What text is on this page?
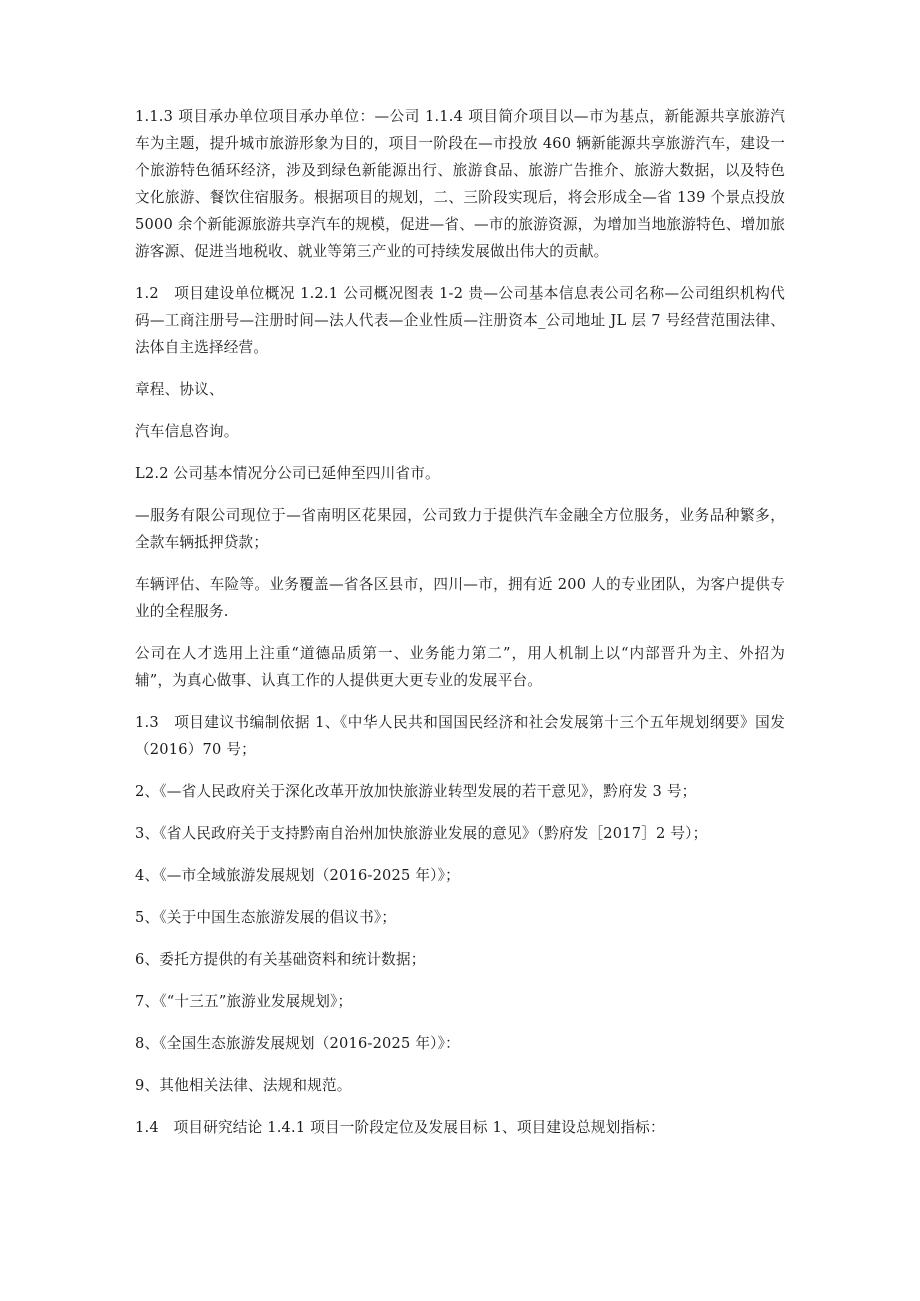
1.1.3 项目承办单位项目承办单位：—公司 1.1.4 项目简介项目以—市为基点，新能源共享旅游汽车为主题，提升城市旅游形象为目的，项目一阶段在—市投放 460 辆新能源共享旅游汽车，建设一个旅游特色循环经济，涉及到绿色新能源出行、旅游食品、旅游广告推介、旅游大数据，以及特色文化旅游、餐饮住宿服务。根据项目的规划，二、三阶段实现后，将会形成全—省 139 个景点投放 5000 余个新能源旅游共享汽车的规模，促进—省、—市的旅游资源，为增加当地旅游特色、增加旅游客源、促进当地税收、就业等第三产业的可持续发展做出伟大的贡献。

1.2　项目建设单位概况 1.2.1 公司概况图表 1-2 贵—公司基本信息表公司名称—公司组织机构代码—工商注册号—注册时间—法人代表—企业性质—注册资本_公司地址 JL 层 7 号经营范围法律、法体自主选择经营。

章程、协议、

汽车信息咨询。

L2.2 公司基本情况分公司已延伸至四川省市。

—服务有限公司现位于—省南明区花果园，公司致力于提供汽车金融全方位服务，业务品种繁多，全款车辆抵押贷款；

车辆评估、车险等。业务覆盖—省各区县市，四川—市，拥有近 200 人的专业团队，为客户提供专业的全程服务.

公司在人才选用上注重“道德品质第一、业务能力第二”，用人机制上以“内部晋升为主、外招为辅”，为真心做事、认真工作的人提供更大更专业的发展平台。

1.3　项目建议书编制依据 1、《中华人民共和国国民经济和社会发展第十三个五年规划纲要》国发（2016）70 号；

2、《—省人民政府关于深化改革开放加快旅游业转型发展的若干意见》，黔府发 3 号；

3、《省人民政府关于支持黔南自治州加快旅游业发展的意见》（黔府发［2017］2 号）；

4、《—市全域旅游发展规划（2016-2025 年）》；

5、《关于中国生态旅游发展的倡议书》；

6、委托方提供的有关基础资料和统计数据；

7、《“十三五”旅游业发展规划》；

8、《全国生态旅游发展规划（2016-2025 年）》：

9、其他相关法律、法规和规范。

1.4　项目研究结论 1.4.1 项目一阶段定位及发展目标 1、项目建设总规划指标：
